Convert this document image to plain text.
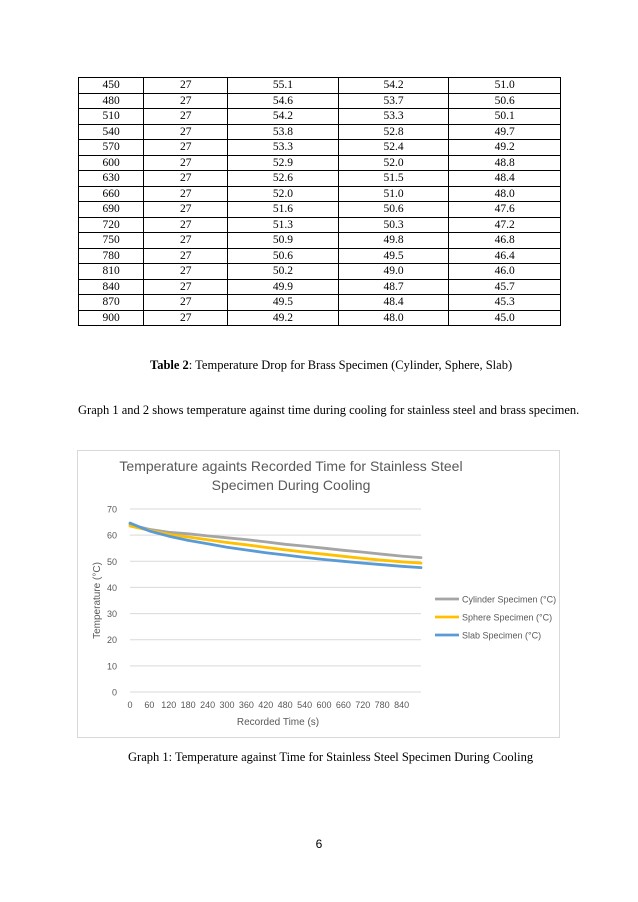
450	27	55.1	54.2	51.0
480	27	54.6	53.7	50.6
510	27	54.2	53.3	50.1
540	27	53.8	52.8	49.7
570	27	53.3	52.4	49.2
600	27	52.9	52.0	48.8
630	27	52.6	51.5	48.4
660	27	52.0	51.0	48.0
690	27	51.6	50.6	47.6
720	27	51.3	50.3	47.2
750	27	50.9	49.8	46.8
780	27	50.6	49.5	46.4
810	27	50.2	49.0	46.0
840	27	49.9	48.7	45.7
870	27	49.5	48.4	45.3
900	27	49.2	48.0	45.0
Table 2: Temperature Drop for Brass Specimen (Cylinder, Sphere, Slab)
Graph 1 and 2 shows temperature against time during cooling for stainless steel and brass specimen.
Temperature againts Recorded Time for Stainless Steel
Specimen During Cooling
0
10
20
30
40
50
60
70
0 60 120 180 240 300 360 420 480 540 600 660 720 780 840
Recorded Time (s)
Temperature (°C)	Cylinder Specimen (°C)
Sphere Specimen (°C)
Slab Specimen (°C)
Graph 1: Temperature against Time for Stainless Steel Specimen During Cooling
6
